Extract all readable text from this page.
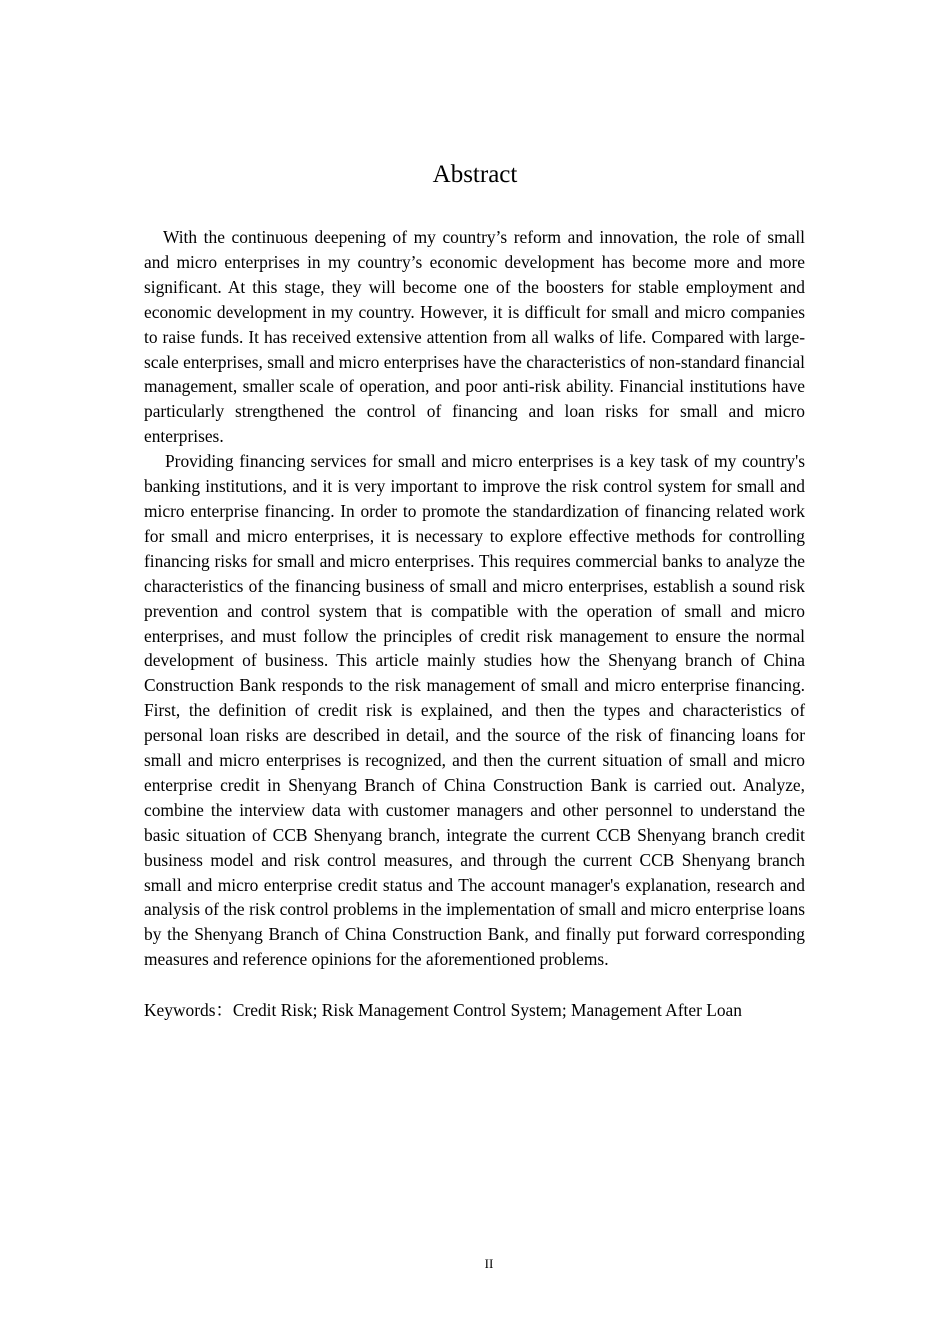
Abstract

With the continuous deepening of my country’s reform and innovation, the role of small and micro enterprises in my country’s economic development has become more and more significant. At this stage, they will become one of the boosters for stable employment and economic development in my country. However, it is difficult for small and micro companies to raise funds. It has received extensive attention from all walks of life. Compared with large-scale enterprises, small and micro enterprises have the characteristics of non-standard financial management, smaller scale of operation, and poor anti-risk ability. Financial institutions have particularly strengthened the control of financing and loan risks for small and micro enterprises.

Providing financing services for small and micro enterprises is a key task of my country's banking institutions, and it is very important to improve the risk control system for small and micro enterprise financing. In order to promote the standardization of financing related work for small and micro enterprises, it is necessary to explore effective methods for controlling financing risks for small and micro enterprises. This requires commercial banks to analyze the characteristics of the financing business of small and micro enterprises, establish a sound risk prevention and control system that is compatible with the operation of small and micro enterprises, and must follow the principles of credit risk management to ensure the normal development of business. This article mainly studies how the Shenyang branch of China Construction Bank responds to the risk management of small and micro enterprise financing. First, the definition of credit risk is explained, and then the types and characteristics of personal loan risks are described in detail, and the source of the risk of financing loans for small and micro enterprises is recognized, and then the current situation of small and micro enterprise credit in Shenyang Branch of China Construction Bank is carried out. Analyze, combine the interview data with customer managers and other personnel to understand the basic situation of CCB Shenyang branch, integrate the current CCB Shenyang branch credit business model and risk control measures, and through the current CCB Shenyang branch small and micro enterprise credit status and The account manager's explanation, research and analysis of the risk control problems in the implementation of small and micro enterprise loans by the Shenyang Branch of China Construction Bank, and finally put forward corresponding measures and reference opinions for the aforementioned problems.

Keywords：Credit Risk; Risk Management Control System; Management After Loan

II
